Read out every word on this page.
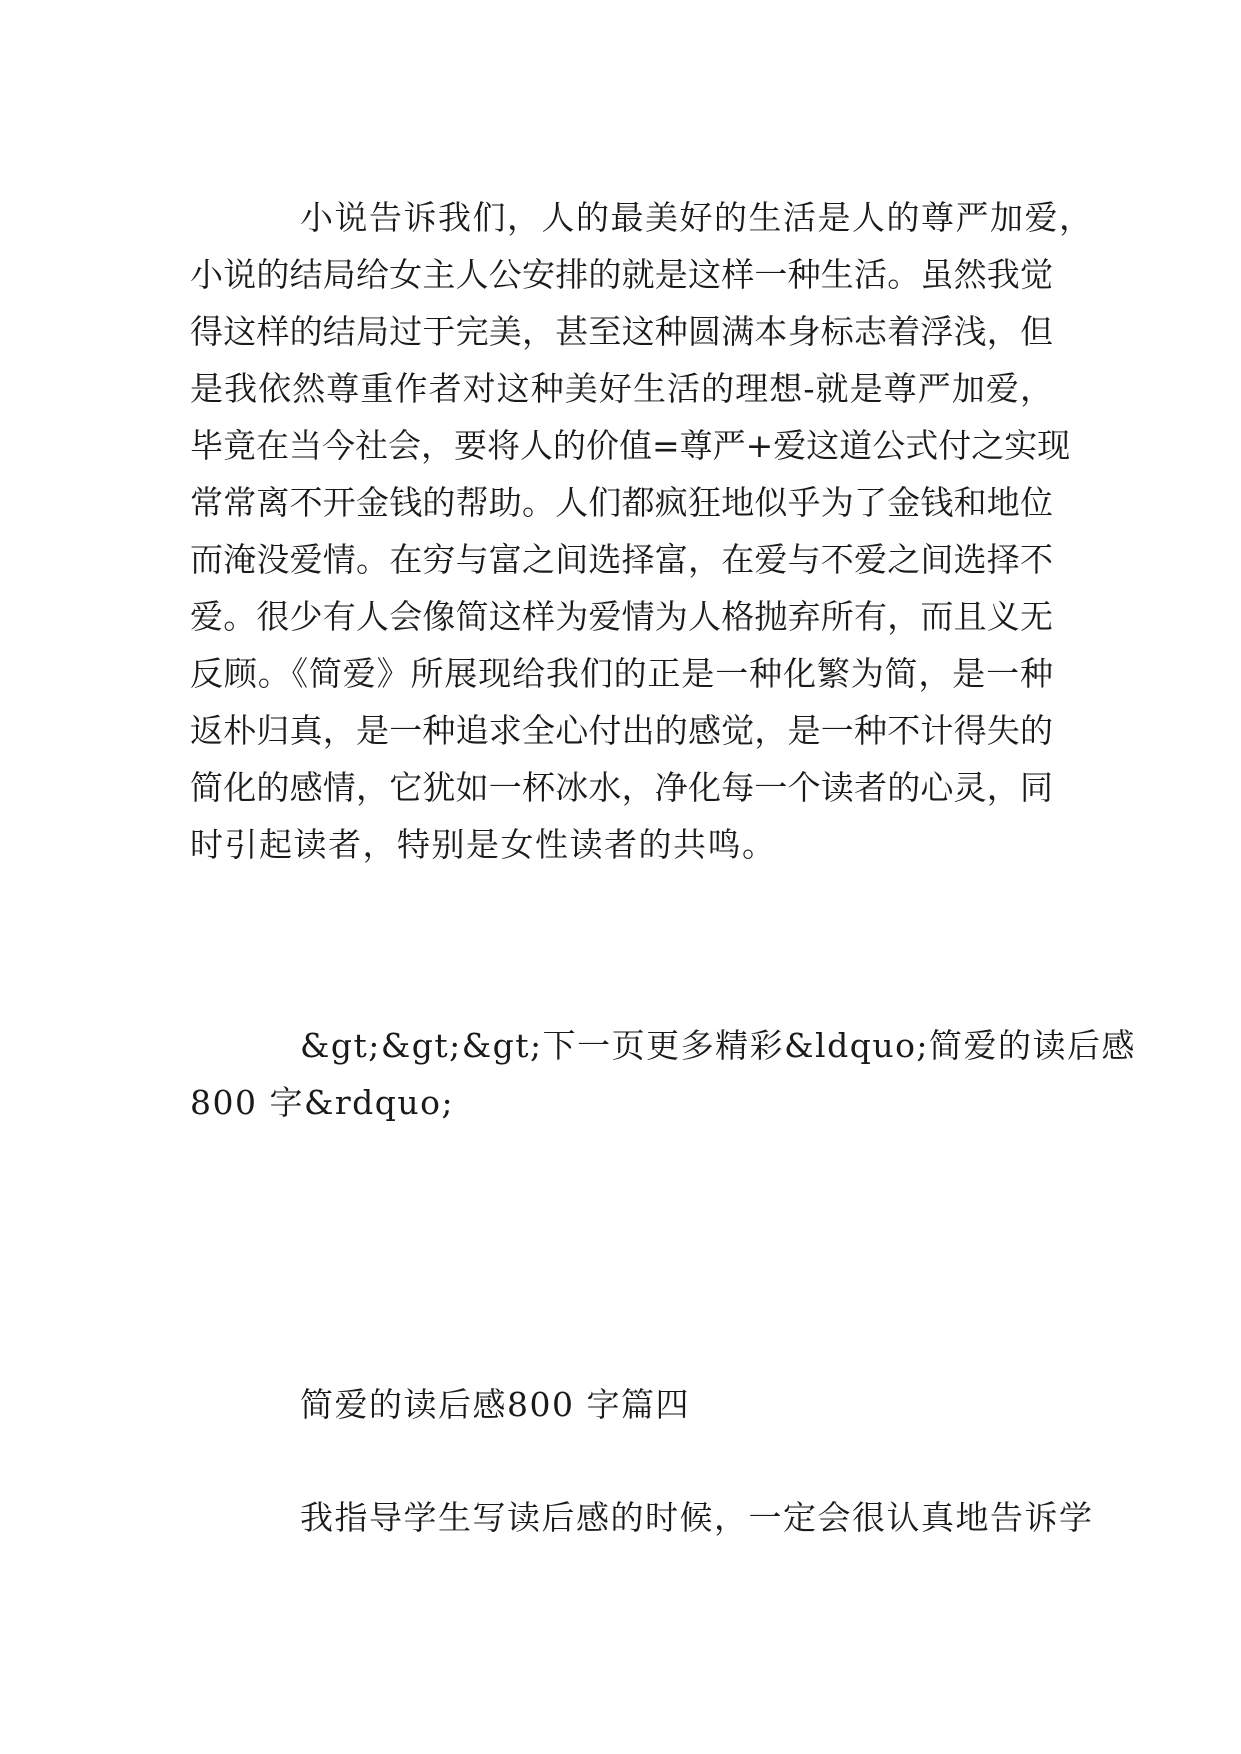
小说告诉我们，人的最美好的生活是人的尊严加爱，
小说的结局给女主人公安排的就是这样一种生活。虽然我觉
得这样的结局过于完美，甚至这种圆满本身标志着浮浅，但
是我依然尊重作者对这种美好生活的理想-就是尊严加爱，
毕竟在当今社会，要将人的价值=尊严+爱这道公式付之实现
常常离不开金钱的帮助。人们都疯狂地似乎为了金钱和地位
而淹没爱情。在穷与富之间选择富，在爱与不爱之间选择不
爱。很少有人会像简这样为爱情为人格抛弃所有，而且义无
反顾。《简爱》所展现给我们的正是一种化繁为简，是一种
返朴归真，是一种追求全心付出的感觉，是一种不计得失的
简化的感情，它犹如一杯冰水，净化每一个读者的心灵，同
时引起读者，特别是女性读者的共鸣。
&gt;&gt;&gt;下一页更多精彩&ldquo;简爱的读后感
800 字&rdquo;
简爱的读后感800 字篇四
我指导学生写读后感的时候，一定会很认真地告诉学
